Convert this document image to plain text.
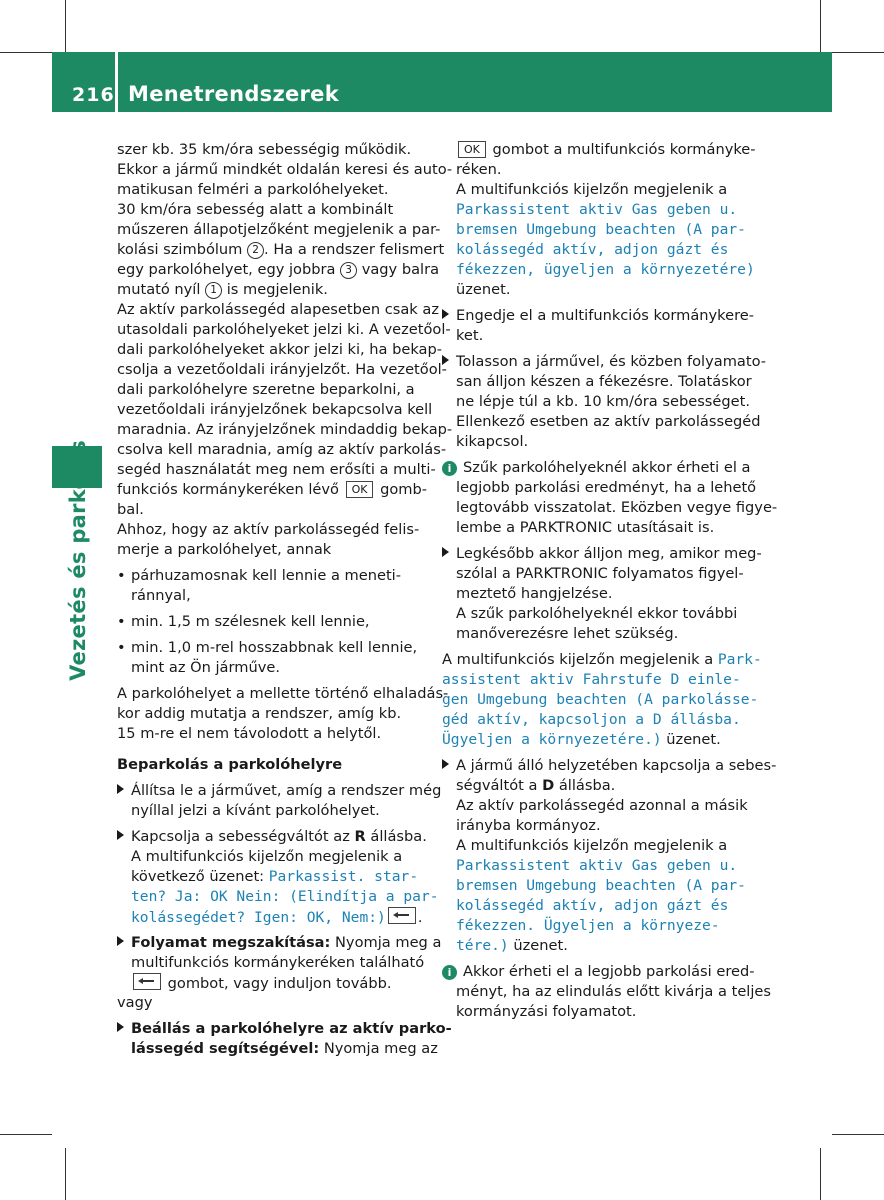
216 Menetrendszerek
Vezetés és parkolás
szer kb. 35 km/óra sebességig működik.
Ekkor a jármű mindkét oldalán keresi és auto-
matikusan felméri a parkolóhelyeket.
30 km/óra sebesség alatt a kombinált
műszeren állapotjelzőként megjelenik a par-
kolási szimbólum 2 . Ha a rendszer felismert
egy parkolóhelyet, egy jobbra 3 vagy balra
mutató nyíl 1 is megjelenik.
Az aktív parkolássegéd alapesetben csak az
utasoldali parkolóhelyeket jelzi ki. A vezetőol-
dali parkolóhelyeket akkor jelzi ki, ha bekap-
csolja a vezetőoldali irányjelzőt. Ha vezetőol-
dali parkolóhelyre szeretne beparkolni, a
vezetőoldali irányjelzőnek bekapcsolva kell
maradnia. Az irányjelzőnek mindaddig bekap-
csolva kell maradnia, amíg az aktív parkolás-
segéd használatát meg nem erősíti a multi-
funkciós kormánykeréken lévő OK gomb-
bal.
Ahhoz, hogy az aktív parkolássegéd felis-
merje a parkolóhelyet, annak
• párhuzamosnak kell lennie a meneti-
ránnyal,
• min. 1,5 m szélesnek kell lennie,
• min. 1,0 m-rel hosszabbnak kell lennie,
mint az Ön járműve.
A parkolóhelyet a mellette történő elhaladás-
kor addig mutatja a rendszer, amíg kb.
15 m-re el nem távolodott a helytől.
Beparkolás a parkolóhelyre
Állítsa le a járművet, amíg a rendszer még
nyíllal jelzi a kívánt parkolóhelyet.
Kapcsolja a sebességváltót az R állásba.
A multifunkciós kijelzőn megjelenik a
következő üzenet: Parkassist. star-
ten? Ja: OK Nein: (Elindítja a par-
kolássegédet? Igen: OK, Nem:) .
Folyamat megszakítása: Nyomja meg a
multifunkciós kormánykeréken található
gombot, vagy induljon tovább.
vagy
Beállás a parkolóhelyre az aktív parko-
lássegéd segítségével: Nyomja meg az
OK gombot a multifunkciós kormányke-
réken.
A multifunkciós kijelzőn megjelenik a
Parkassistent aktiv Gas geben u.
bremsen Umgebung beachten (A par-
kolássegéd aktív, adjon gázt és
fékezzen, ügyeljen a környezetére)
üzenet.
Engedje el a multifunkciós kormánykere-
ket.
Tolasson a járművel, és közben folyamato-
san álljon készen a fékezésre. Tolatáskor
ne lépje túl a kb. 10 km/óra sebességet.
Ellenkező esetben az aktív parkolássegéd
kikapcsol.
i Szűk parkolóhelyeknél akkor érheti el a
legjobb parkolási eredményt, ha a lehető
legtovább visszatolat. Eközben vegye figye-
lembe a PARKTRONIC utasításait is.
Legkésőbb akkor álljon meg, amikor meg-
szólal a PARKTRONIC folyamatos figyel-
meztető hangjelzése.
A szűk parkolóhelyeknél ekkor további
manőverezésre lehet szükség.
A multifunkciós kijelzőn megjelenik a Park-
assistent aktiv Fahrstufe D einle-
gen Umgebung beachten (A parkolásse-
géd aktív, kapcsoljon a D állásba.
Ügyeljen a környezetére.) üzenet.
A jármű álló helyzetében kapcsolja a sebes-
ségváltót a D állásba.
Az aktív parkolássegéd azonnal a másik
irányba kormányoz.
A multifunkciós kijelzőn megjelenik a
Parkassistent aktiv Gas geben u.
bremsen Umgebung beachten (A par-
kolássegéd aktív, adjon gázt és
fékezzen. Ügyeljen a környeze-
tére.) üzenet.
i Akkor érheti el a legjobb parkolási ered-
ményt, ha az elindulás előtt kivárja a teljes
kormányzási folyamatot.
